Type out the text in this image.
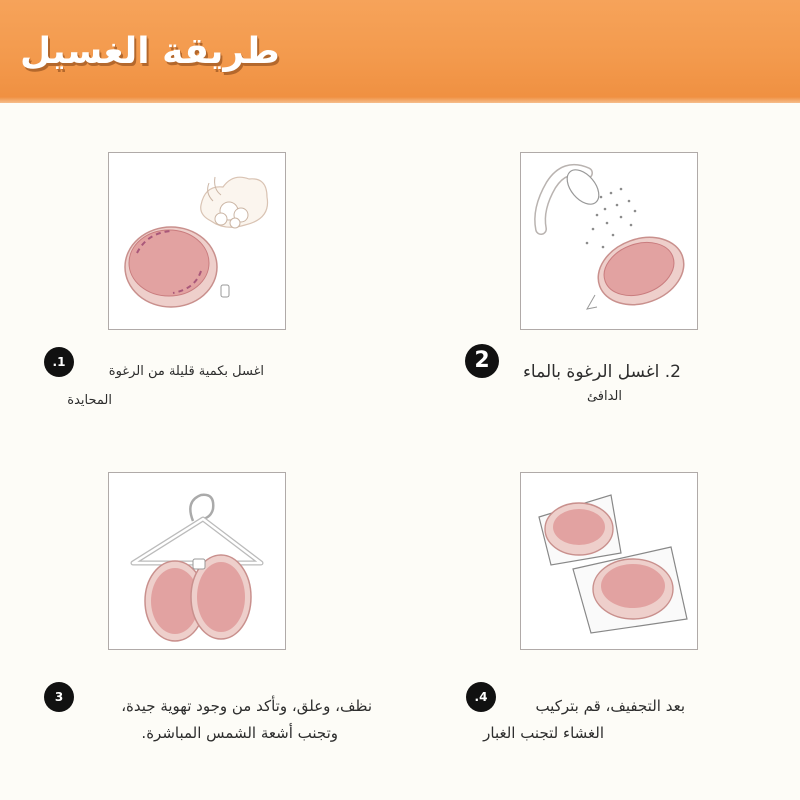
طريقة الغسيل
.1
اغسل بكمية قليلة من الرغوة
المحايدة
2	2. اغسل الرغوة بالماء
الدافئ
3	نظف، وعلق، وتأكد من وجود تهوية جيدة،
وتجنب أشعة الشمس المباشرة.
.4	بعد التجفيف، قم بتركيب
الغشاء لتجنب الغبار
